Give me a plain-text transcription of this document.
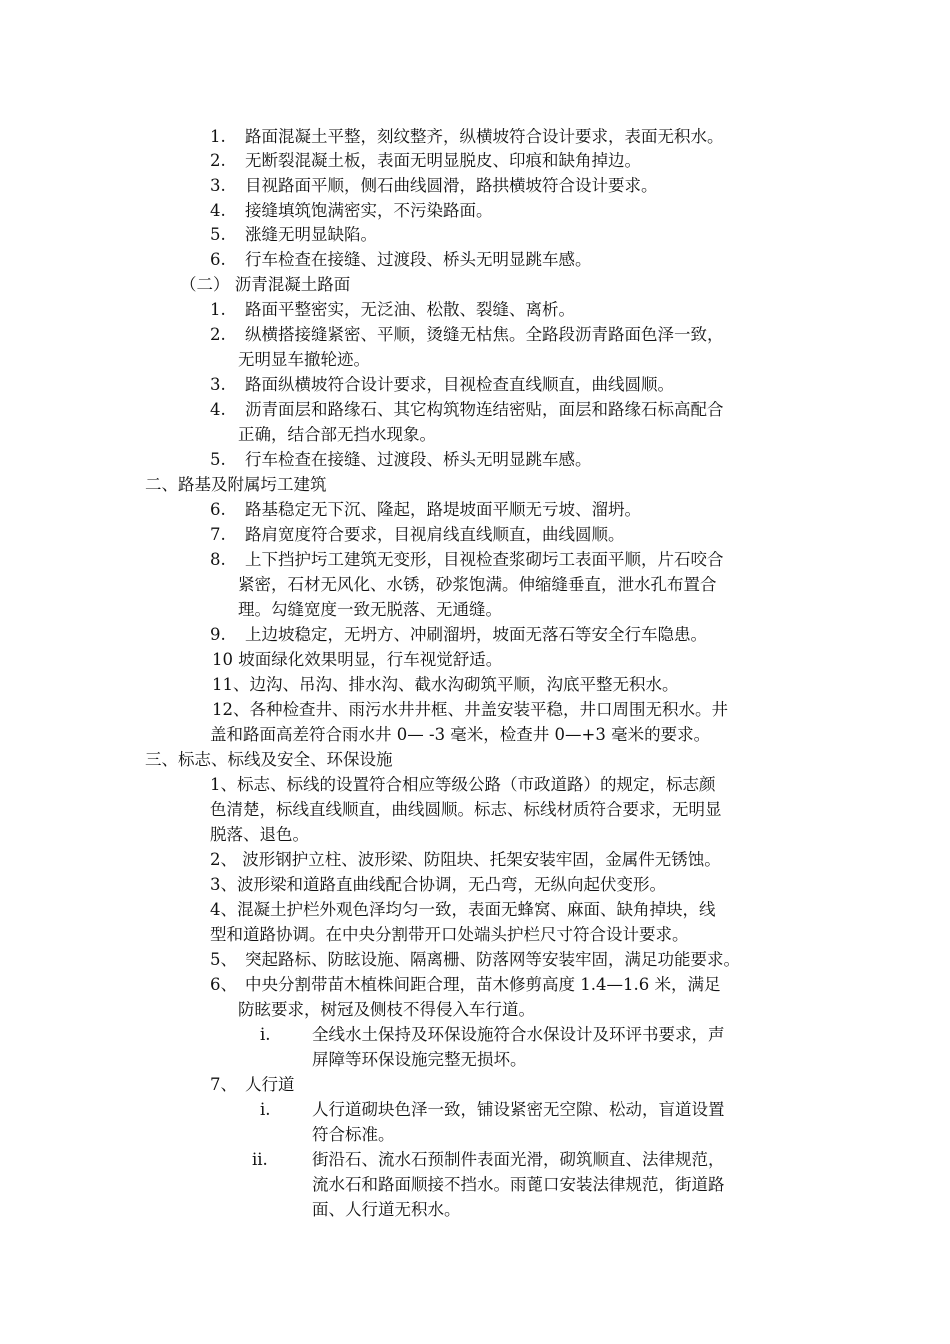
1. 路面混凝土平整，刻纹整齐，纵横坡符合设计要求，表面无积水。
2. 无断裂混凝土板，表面无明显脱皮、印痕和缺角掉边。
3. 目视路面平顺，侧石曲线圆滑，路拱横坡符合设计要求。
4. 接缝填筑饱满密实，不污染路面。
5. 涨缝无明显缺陷。
6. 行车检查在接缝、过渡段、桥头无明显跳车感。
（二） 沥青混凝土路面
1. 路面平整密实，无泛油、松散、裂缝、离析。
2. 纵横搭接缝紧密、平顺，烫缝无枯焦。全路段沥青路面色泽一致，
无明显车撤轮迹。
3. 路面纵横坡符合设计要求，目视检查直线顺直，曲线圆顺。
4. 沥青面层和路缘石、其它构筑物连结密贴，面层和路缘石标高配合
正确，结合部无挡水现象。
5. 行车检查在接缝、过渡段、桥头无明显跳车感。
二、路基及附属圬工建筑
6. 路基稳定无下沉、隆起，路堤坡面平顺无亏坡、溜坍。
7. 路肩宽度符合要求，目视肩线直线顺直，曲线圆顺。
8. 上下挡护圬工建筑无变形，目视检查浆砌圬工表面平顺，片石咬合
紧密，石材无风化、水锈，砂浆饱满。伸缩缝垂直，泄水孔布置合
理。勾缝宽度一致无脱落、无通缝。
9. 上边坡稳定，无坍方、冲刷溜坍，坡面无落石等安全行车隐患。
10 坡面绿化效果明显，行车视觉舒适。
11、边沟、吊沟、排水沟、截水沟砌筑平顺，沟底平整无积水。
12、各种检查井、雨污水井井框、井盖安装平稳，井口周围无积水。井
盖和路面高差符合雨水井 0— -3 毫米，检查井 0—+3 毫米的要求。
三、标志、标线及安全、环保设施
1、标志、标线的设置符合相应等级公路（市政道路）的规定，标志颜
色清楚，标线直线顺直，曲线圆顺。标志、标线材质符合要求，无明显
脱落、退色。
2、 波形钢护立柱、波形梁、防阻块、托架安装牢固，金属件无锈蚀。
3、波形梁和道路直曲线配合协调，无凸弯，无纵向起伏变形。
4、混凝土护栏外观色泽均匀一致，表面无蜂窝、麻面、缺角掉块，线
型和道路协调。在中央分割带开口处端头护栏尺寸符合设计要求。
5、 突起路标、防眩设施、隔离栅、防落网等安装牢固，满足功能要求。
6、 中央分割带苗木植株间距合理，苗木修剪高度 1.4—1.6 米，满足
防眩要求，树冠及侧枝不得侵入车行道。
i.	全线水土保持及环保设施符合水保设计及环评书要求，声
屏障等环保设施完整无损坏。
7、 人行道
i.	人行道砌块色泽一致，铺设紧密无空隙、松动，盲道设置
符合标准。
ii.	街沿石、流水石预制件表面光滑，砌筑顺直、法律规范，
流水石和路面顺接不挡水。雨蓖口安装法律规范，街道路
面、人行道无积水。
